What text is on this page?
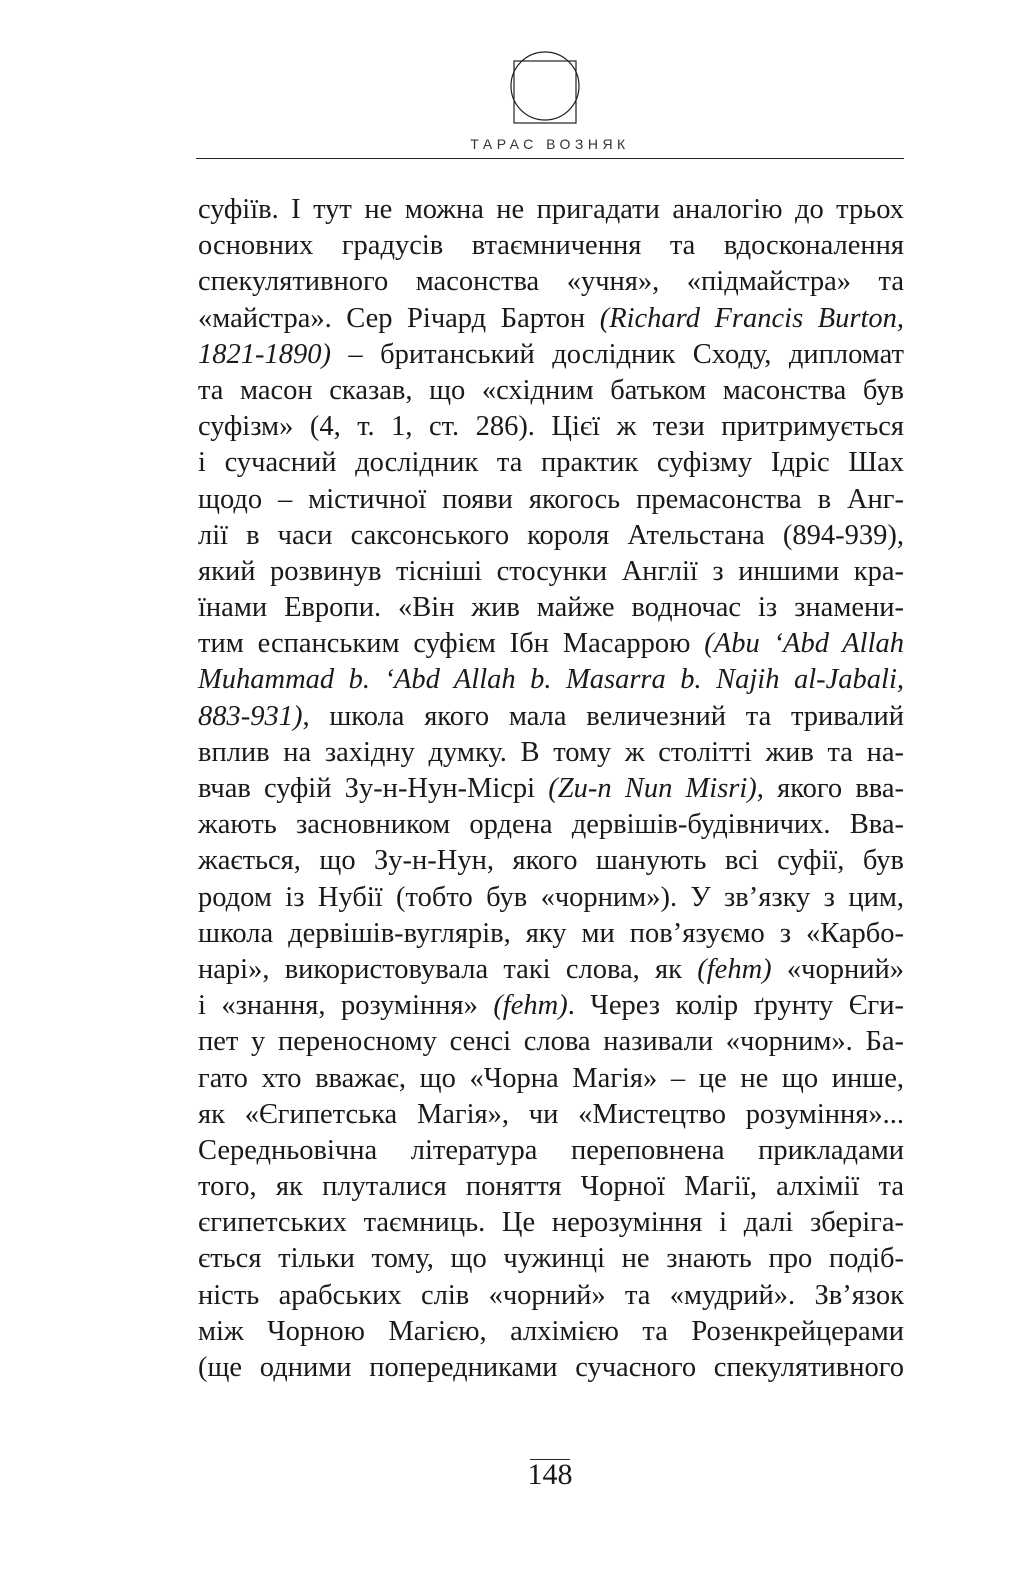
ТАРАС ВОЗНЯК
суфіїв. І тут не можна не пригадати аналогію до трьох
основних градусів втаємничення та вдосконалення
спекулятивного масонства «учня», «підмайстра» та
«майстра». Сер Річард Бартон (Richard Francis Burton,
1821-1890) – британський дослідник Сходу, дипломат
та масон сказав, що «східним батьком масонства був
суфізм» (4, т. 1, ст. 286). Цієї ж тези притримується
і сучасний дослідник та практик суфізму Ідріс Шах
щодо – містичної появи якогось премасонства в Анг-
лії в часи саксонського короля Ательстана (894-939),
який розвинув тісніші стосунки Англії з иншими кра-
їнами Европи. «Він жив майже водночас із знамени-
тим еспанським суфієм Ібн Масаррою (Abu ‘Abd Allah
Muhammad b. ‘Abd Allah b. Masarra b. Najih al-Jabali,
883-931), школа якого мала величезний та тривалий
вплив на західну думку. В тому ж столітті жив та на-
вчав суфій Зу-н-Нун-Місрі (Zu-n Nun Misri), якого вва-
жають засновником ордена дервішів-будівничих. Вва-
жається, що Зу-н-Нун, якого шанують всі суфії, був
родом із Нубії (тобто був «чорним»). У зв’язку з цим,
школа дервішів-вуглярів, яку ми пов’язуємо з «Карбо-
нарі», використовувала такі слова, як (fehm) «чорний»
і «знання, розуміння» (fehm). Через колір ґрунту Єги-
пет у переносному сенсі слова називали «чорним». Ба-
гато хто вважає, що «Чорна Магія» – це не що инше,
як «Єгипетська Магія», чи «Мистецтво розуміння»...
Середньовічна література переповнена прикладами
того, як плуталися поняття Чорної Магії, алхімії та
єгипетських таємниць. Це нерозуміння і далі зберіга-
ється тільки тому, що чужинці не знають про подіб-
ність арабських слів «чорний» та «мудрий». Зв’язок
між Чорною Магією, алхімією та Розенкрейцерами
(ще одними попередниками сучасного спекулятивного
148
